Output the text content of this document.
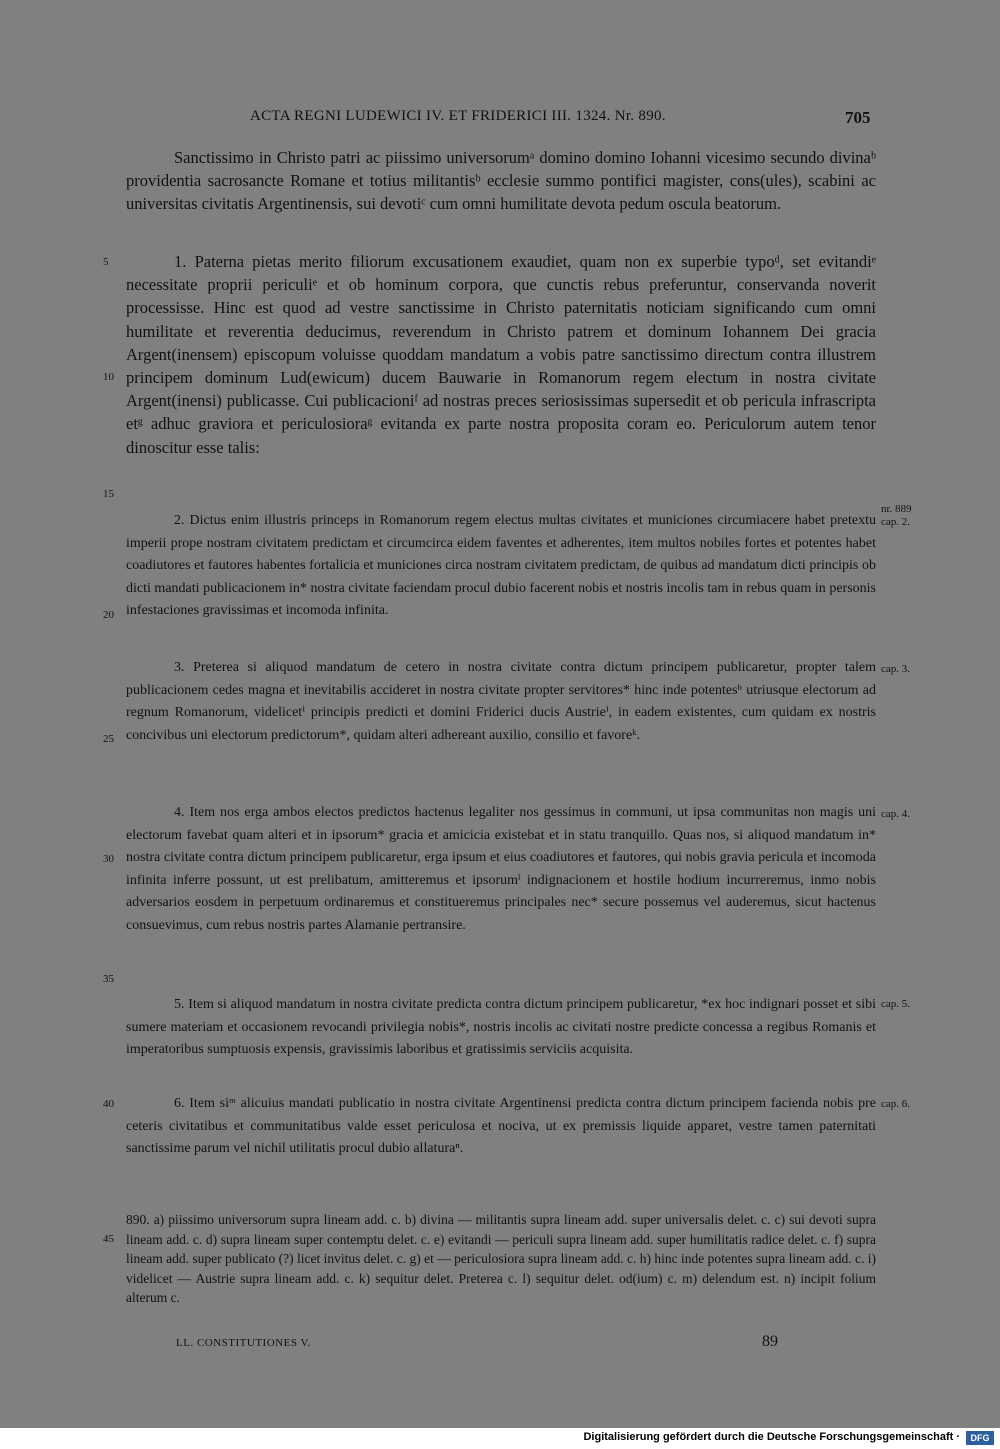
ACTA REGNI LUDEWICI IV. ET FRIDERICI III. 1324. Nr. 890.	705

Sanctissimo in Christo patri ac piissimo universorumᵃ domino domino Iohanni vicesimo secundo divinaᵇ providentia sacrosancte Romane et totius militantisᵇ ecclesie summo pontifici magister, cons(ules), scabini ac universitas civitatis Argentinensis, sui devotiᶜ cum omni humilitate devota pedum oscula beatorum.

1. Paterna pietas merito filiorum excusationem exaudiet, quam non ex superbie typoᵈ, set evitandiᵉ necessitate proprii periculiᵉ et ob hominum corpora, que cunctis rebus preferuntur, conservanda noverit processisse. Hinc est quod ad vestre sanctissime in Christo paternitatis noticiam significando cum omni humilitate et reverentia deducimus, reverendum in Christo patrem et dominum Iohannem Dei gracia Argent(inensem) episcopum voluisse quoddam mandatum a vobis patre sanctissimo directum contra illustrem principem dominum Lud(ewicum) ducem Bauwarie in Romanorum regem electum in nostra civitate Argent(inensi) publicasse. Cui publicacioniᶠ ad nostras preces seriosissimas supersedit et ob pericula infrascripta etᵍ adhuc graviora et periculosioraᵍ evitanda ex parte nostra proposita coram eo. Periculorum autem tenor dinoscitur esse talis:

2. Dictus enim illustris princeps in Romanorum regem electus multas civitates et municiones circumiacere habet pretextu imperii prope nostram civitatem predictam et circumcirca eidem faventes et adherentes, item multos nobiles fortes et potentes habet coadiutores et fautores habentes fortalicia et municiones circa nostram civitatem predictam, de quibus ad mandatum dicti principis ob dicti mandati publicacionem in* nostra civitate faciendam procul dubio facerent nobis et nostris incolis tam in rebus quam in personis infestaciones gravissimas et incomoda infinita.

3. Preterea si aliquod mandatum de cetero in nostra civitate contra dictum principem publicaretur, propter talem publicacionem cedes magna et inevitabilis accideret in nostra civitate propter servitores* hinc inde potentesʰ utriusque electorum ad regnum Romanorum, videlicetⁱ principis predicti et domini Friderici ducis Austrieⁱ, in eadem existentes, cum quidam ex nostris concivibus uni electorum predictorum*, quidam alteri adhereant auxilio, consilio et favoreᵏ.

4. Item nos erga ambos electos predictos hactenus legaliter nos gessimus in communi, ut ipsa communitas non magis uni electorum favebat quam alteri et in ipsorum* gracia et amicicia existebat et in statu tranquillo. Quas nos, si aliquod mandatum in* nostra civitate contra dictum principem publicaretur, erga ipsum et eius coadiutores et fautores, qui nobis gravia pericula et incomoda infinita inferre possunt, ut est prelibatum, amitteremus et ipsorumˡ indignacionem et hostile hodium incurreremus, inmo nobis adversarios eosdem in perpetuum ordinaremus et constitueremus principales nec* secure possemus vel auderemus, sicut hactenus consuevimus, cum rebus nostris partes Alamanie pertransire.

5. Item si aliquod mandatum in nostra civitate predicta contra dictum principem publicaretur, *ex hoc indignari posset et sibi sumere materiam et occasionem revocandi privilegia nobis*, nostris incolis ac civitati nostre predicte concessa a regibus Romanis et imperatoribus sumptuosis expensis, gravissimis laboribus et gratissimis serviciis acquisita.

6. Item siᵐ alicuius mandati publicatio in nostra civitate Argentinensi predicta contra dictum principem facienda nobis pre ceteris civitatibus et communitatibus valde esset periculosa et nociva, ut ex premissis liquide apparet, vestre tamen paternitati sanctissime parum vel nichil utilitatis procul dubio allaturaⁿ.

5
10
15
20
25
30
35
40
45
nr. 889
cap. 2.
cap. 3.
cap. 4.
cap. 5.
cap. 6.
890. a) piissimo universorum supra lineam add. c. b) divina — militantis supra lineam add. super universalis delet. c. c) sui devoti supra lineam add. c. d) supra lineam super contemptu delet. c. e) evitandi — periculi supra lineam add. super humilitatis radice delet. c. f) supra lineam add. super publicato (?) licet invitus delet. c. g) et — periculosiora supra lineam add. c. h) hinc inde potentes supra lineam add. c. i) videlicet — Austrie supra lineam add. c. k) sequitur delet. Preterea c. l) sequitur delet. od(ium) c. m) delendum est. n) incipit folium alterum c.
LL. CONSTITUTIONES V.	89
Digitalisierung gefördert durch die Deutsche Forschungsgemeinschaft ·	DFG
